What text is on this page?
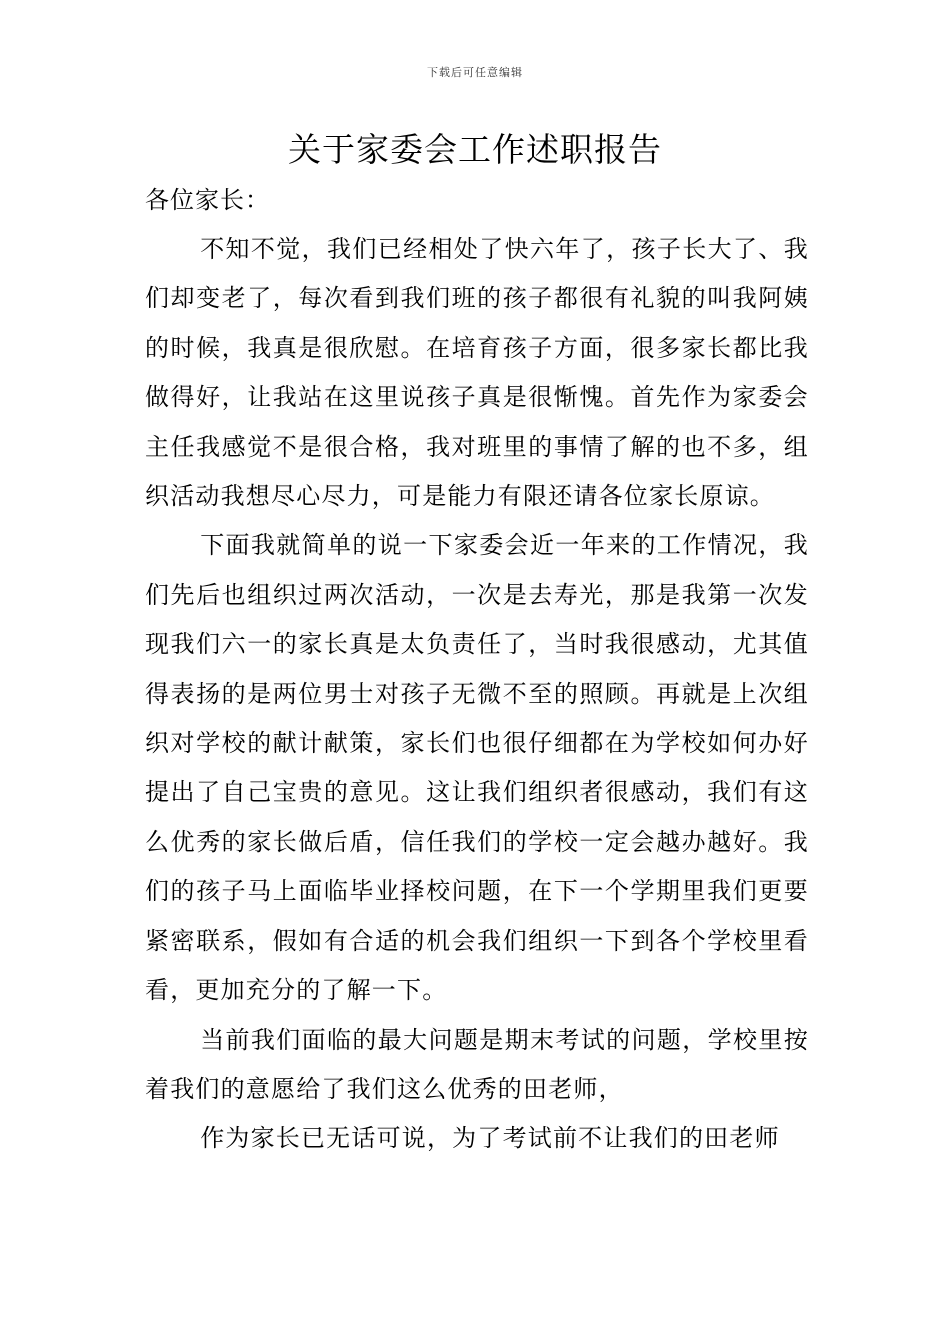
下载后可任意编辑
关于家委会工作述职报告

各位家长：

不知不觉，我们已经相处了快六年了，孩子长大了、我们却变老了，每次看到我们班的孩子都很有礼貌的叫我阿姨的时候，我真是很欣慰。在培育孩子方面，很多家长都比我做得好，让我站在这里说孩子真是很惭愧。首先作为家委会主任我感觉不是很合格，我对班里的事情了解的也不多，组织活动我想尽心尽力，可是能力有限还请各位家长原谅。

下面我就简单的说一下家委会近一年来的工作情况，我们先后也组织过两次活动，一次是去寿光，那是我第一次发现我们六一的家长真是太负责任了，当时我很感动，尤其值得表扬的是两位男士对孩子无微不至的照顾。再就是上次组织对学校的献计献策，家长们也很仔细都在为学校如何办好提出了自己宝贵的意见。这让我们组织者很感动，我们有这么优秀的家长做后盾，信任我们的学校一定会越办越好。我们的孩子马上面临毕业择校问题，在下一个学期里我们更要紧密联系，假如有合适的机会我们组织一下到各个学校里看看，更加充分的了解一下。

当前我们面临的最大问题是期末考试的问题，学校里按着我们的意愿给了我们这么优秀的田老师，

作为家长已无话可说，为了考试前不让我们的田老师
